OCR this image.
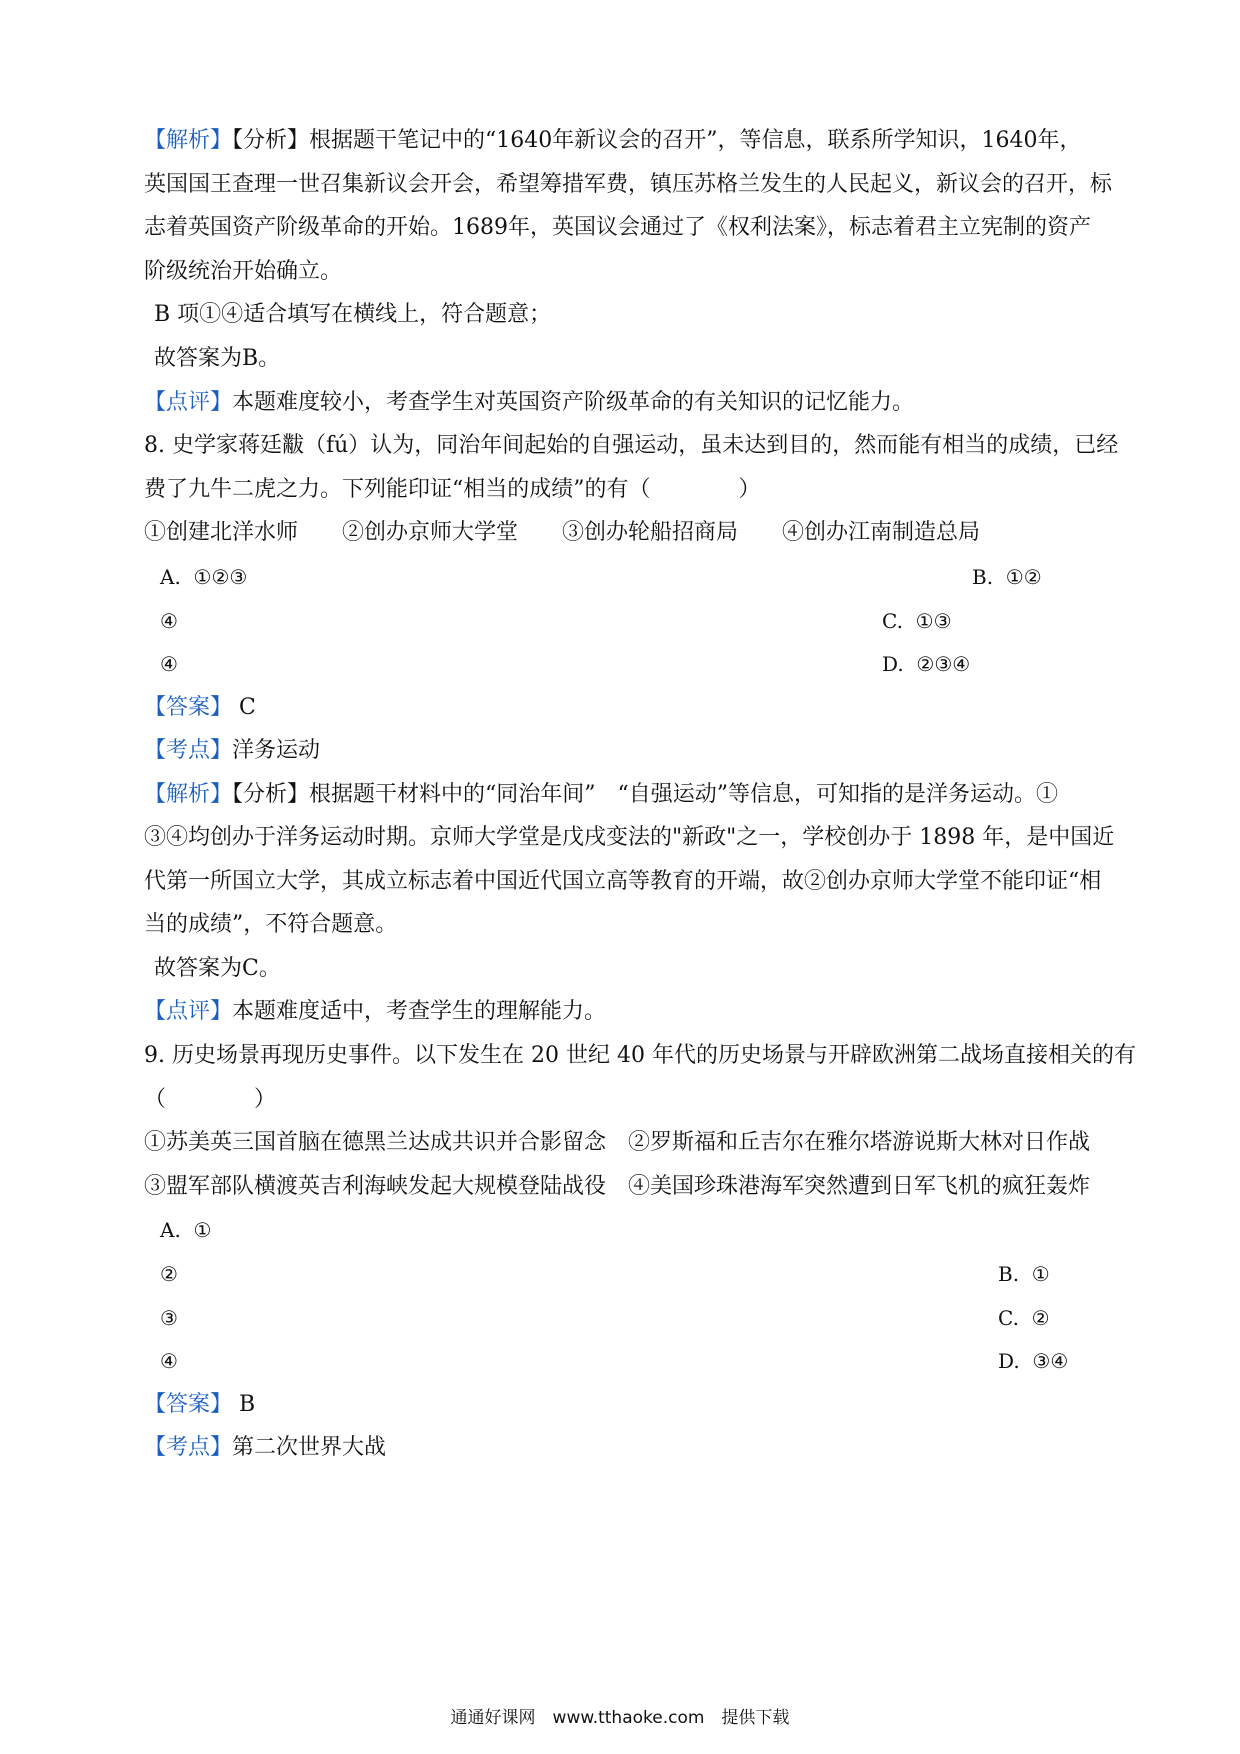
【解析】【分析】根据题干笔记中的“1640年新议会的召开”，等信息，联系所学知识，1640年，
英国国王查理一世召集新议会开会，希望筹措军费，镇压苏格兰发生的人民起义，新议会的召开，标
志着英国资产阶级革命的开始。1689年，英国议会通过了《权利法案》，标志着君主立宪制的资产
阶级统治开始确立。
B 项①④适合填写在横线上，符合题意；
故答案为B。
【点评】本题难度较小，考查学生对英国资产阶级革命的有关知识的记忆能力。
8. 史学家蒋廷黻（fú）认为，同治年间起始的自强运动，虽未达到目的，然而能有相当的成绩，已经
费了九牛二虎之力。下列能印证“相当的成绩”的有（　　　　）
①创建北洋水师　　②创办京师大学堂　　③创办轮船招商局　　④创办江南制造总局
A. ①②③	B. ①②
④	C. ①③
④	D. ②③④
【答案】 C
【考点】洋务运动
【解析】【分析】根据题干材料中的“同治年间”　“自强运动”等信息，可知指的是洋务运动。①
③④均创办于洋务运动时期。京师大学堂是戊戌变法的"新政"之一，学校创办于 1898 年，是中国近
代第一所国立大学，其成立标志着中国近代国立高等教育的开端，故②创办京师大学堂不能印证“相
当的成绩”，不符合题意。
故答案为C。
【点评】本题难度适中，考查学生的理解能力。
9. 历史场景再现历史事件。以下发生在 20 世纪 40 年代的历史场景与开辟欧洲第二战场直接相关的有
（　　　　）
①苏美英三国首脑在德黑兰达成共识并合影留念　②罗斯福和丘吉尔在雅尔塔游说斯大林对日作战
③盟军部队横渡英吉利海峡发起大规模登陆战役　④美国珍珠港海军突然遭到日军飞机的疯狂轰炸
A. ①
②	B. ①
③	C. ②
④	D. ③④
【答案】 B
【考点】第二次世界大战
通通好课网　www.tthaoke.com　提供下载
